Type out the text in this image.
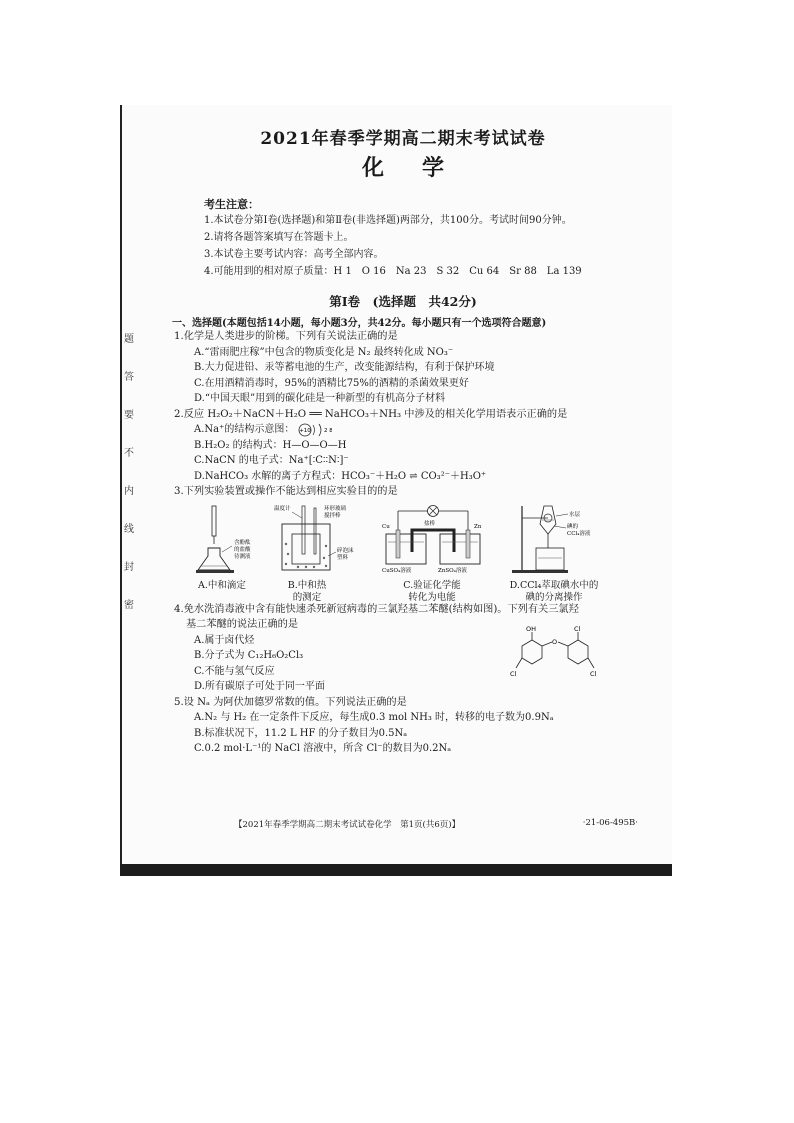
题
答
要
不
内
线
封
密
2021年春季学期高二期末考试试卷
化学
考生注意：
1.本试卷分第Ⅰ卷(选择题)和第Ⅱ卷(非选择题)两部分，共100分。考试时间90分钟。
2.请将各题答案填写在答题卡上。
3.本试卷主要考试内容：高考全部内容。
4.可能用到的相对原子质量：H 1　O 16　Na 23　S 32　Cu 64　Sr 88　La 139
第Ⅰ卷　(选择题　共42分)
一、选择题(本题包括14小题，每小题3分，共42分。每小题只有一个选项符合题意)
1.化学是人类进步的阶梯。下列有关说法正确的是
A.“雷雨肥庄稼”中包含的物质变化是 N₂ 最终转化成 NO₃⁻
B.大力促进铅、汞等蓄电池的生产，改变能源结构，有利于保护环境
C.在用酒精消毒时，95%的酒精比75%的酒精的杀菌效果更好
D.“中国天眼”用到的碳化硅是一种新型的有机高分子材料
2.反应 H₂O₂＋NaCN＋H₂O ══ NaHCO₃＋NH₃ 中涉及的相关化学用语表示正确的是
A.Na⁺的结构示意图： +10 2 8
B.H₂O₂ 的结构式：H—O—O—H
C.NaCN 的电子式：Na⁺[∶C∶∶N∶]⁻
D.NaHCO₃ 水解的离子方程式：HCO₃⁻＋H₂O ⇌ CO₃²⁻＋H₃O⁺
3.下列实验装置或操作不能达到相应实验目的的是
含酚酞
的盐酸
待测液
A.中和滴定
温度计	环形玻璃
搅拌棒
碎泡沫
塑料
B.中和热
的测定
盐桥
Cu	Zn
CuSO₄溶液	ZnSO₄溶液
C.验证化学能
转化为电能
水层
碘的
CCl₄溶液
D.CCl₄萃取碘水中的
碘的分离操作
4.免水洗消毒液中含有能快速杀死新冠病毒的三氯羟基二苯醚(结构如图)。下列有关三氯羟
基二苯醚的说法正确的是
A.属于卤代烃
B.分子式为 C₁₂H₆O₂Cl₃
C.不能与氢气反应
D.所有碳原子可处于同一平面
OH
O
Cl
Cl	Cl
5.设 Nₐ 为阿伏加德罗常数的值。下列说法正确的是
A.N₂ 与 H₂ 在一定条件下反应，每生成0.3 mol NH₃ 时，转移的电子数为0.9Nₐ
B.标准状况下，11.2 L HF 的分子数目为0.5Nₐ
C.0.2 mol·L⁻¹的 NaCl 溶液中，所含 Cl⁻的数目为0.2Nₐ
【2021年春季学期高二期末考试试卷化学　第1页(共6页)】	·21-06-495B·
